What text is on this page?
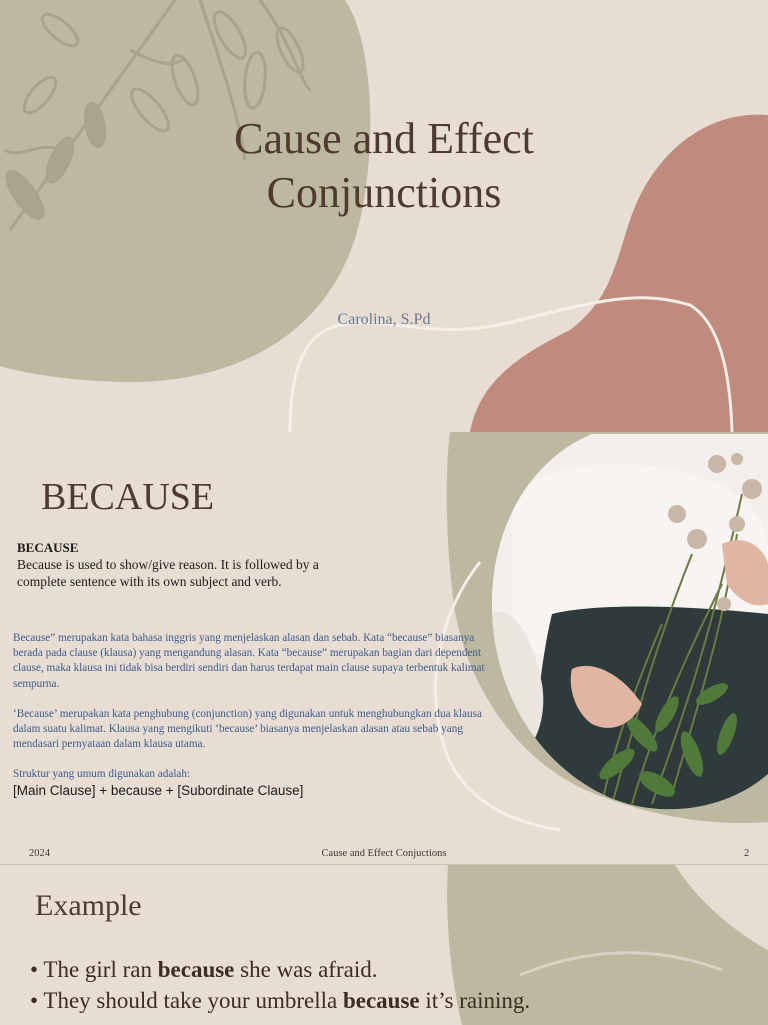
Cause and Effect
Conjunctions
Carolina, S.Pd
BECAUSE
BECAUSE
Because is used to show/give reason. It is followed by a complete sentence with its own subject and verb.

Because” merupakan kata bahasa inggris yang menjelaskan alasan dan sebab. Kata “because” biasanya berada pada clause (klausa) yang mengandung alasan. Kata “because” merupakan bagian dari dependent clause, maka klausa ini tidak bisa berdiri sendiri dan harus terdapat main clause supaya terbentuk kalimat sempurna.

‘Because’ merupakan kata penghubung (conjunction) yang digunakan untuk menghubungkan dua klausa dalam suatu kalimat. Klausa yang mengikuti ‘because’ biasanya menjelaskan alasan atau sebab yang mendasari pernyataan dalam klausa utama.

Struktur yang umum digunakan adalah:
[Main Clause] + because + [Subordinate Clause]
2024	Cause and Effect Conjuctions	2
Example

• The girl ran because she was afraid.

• They should take your umbrella because it’s raining.
